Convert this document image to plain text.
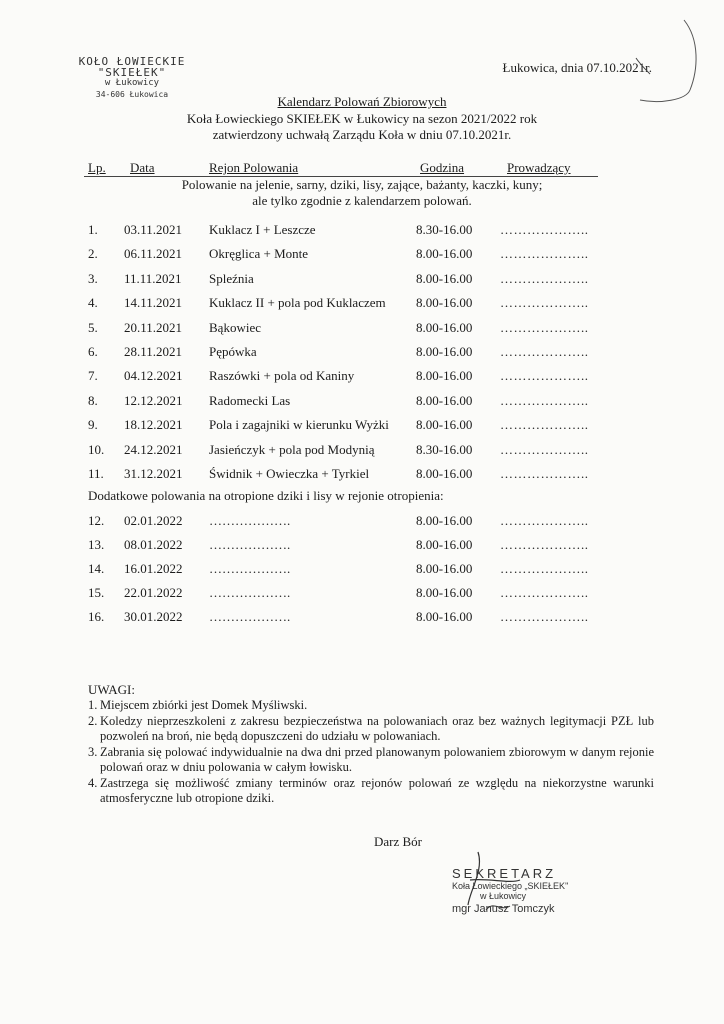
KOŁO ŁOWIECKIE
"SKIEŁEK"
w Łukowicy
34-606 Łukowica
Łukowica, dnia 07.10.2021r.
Kalendarz Polowań Zbiorowych
Koła Łowieckiego SKIEŁEK w Łukowicy na sezon 2021/2022 rok
zatwierdzony uchwałą Zarządu Koła w dniu 07.10.2021r.
Lp. Data	Rejon Polowania	Godzina	Prowadzący
Polowanie na jelenie, sarny, dziki, lisy, zające, bażanty, kaczki, kuny;
ale tylko zgodnie z kalendarzem polowań.
1. 03.11.2021 Kuklacz I + Leszcze	8.30-16.00 ………………..
2. 06.11.2021 Okręglica + Monte	8.00-16.00 ………………..
3. 11.11.2021 Spleźnia	8.00-16.00 ………………..
4. 14.11.2021 Kuklacz II + pola pod Kuklaczem 8.00-16.00 ………………..
5. 20.11.2021 Bąkowiec	8.00-16.00 ………………..
6. 28.11.2021 Pępówka	8.00-16.00 ………………..
7. 04.12.2021 Raszówki + pola od Kaniny	8.00-16.00 ………………..
8. 12.12.2021 Radomecki Las	8.00-16.00 ………………..
9. 18.12.2021 Pola i zagajniki w kierunku Wyżki 8.00-16.00 ………………..
10. 24.12.2021 Jasieńczyk + pola pod Modynią	8.30-16.00 ………………..
11. 31.12.2021 Świdnik + Owieczka + Tyrkiel	8.00-16.00 ………………..
Dodatkowe polowania na otropione dziki i lisy w rejonie otropienia:
12. 02.01.2022 ……………….	8.00-16.00 ………………..
13. 08.01.2022 ……………….	8.00-16.00 ………………..
14. 16.01.2022 ……………….	8.00-16.00 ………………..
15. 22.01.2022 ……………….	8.00-16.00 ………………..
16. 30.01.2022 ……………….	8.00-16.00 ………………..
UWAGI:
1. Miejscem zbiórki jest Domek Myśliwski.
2. Koledzy nieprzeszkoleni z zakresu bezpieczeństwa na polowaniach oraz bez ważnych legitymacji PZŁ lub pozwoleń na broń, nie będą dopuszczeni do udziału w polowaniach.
3. Zabrania się polować indywidualnie na dwa dni przed planowanym polowaniem zbiorowym w danym rejonie polowań oraz w dniu polowania w całym łowisku.
4. Zastrzega się możliwość zmiany terminów oraz rejonów polowań ze względu na niekorzystne warunki atmosferyczne lub otropione dziki.
Darz Bór
SEKRETARZ
Koła Łowieckiego „SKIEŁEK"
w Łukowicy
mgr Janusz Tomczyk
